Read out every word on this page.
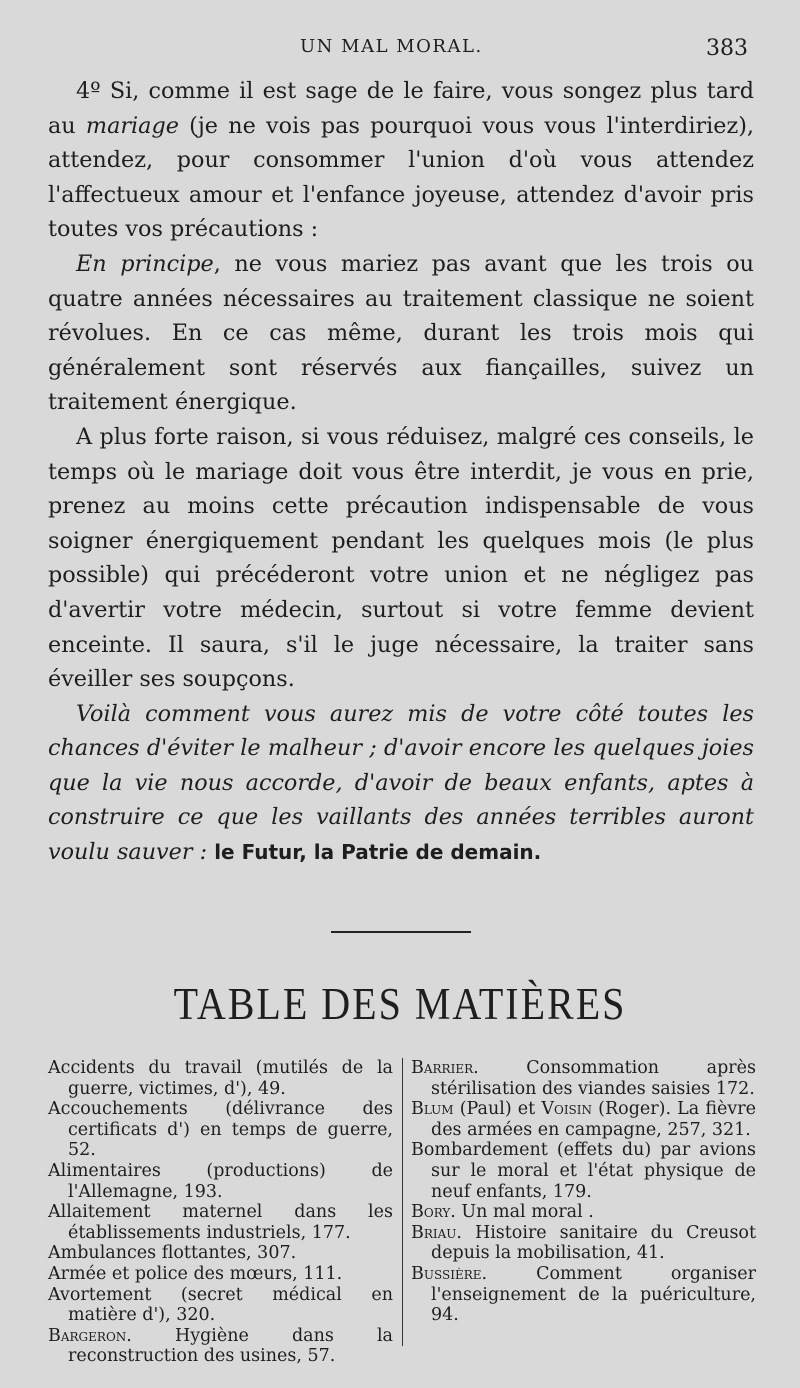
UN MAL MORAL.	383

4º Si, comme il est sage de le faire, vous songez plus tard au mariage (je ne vois pas pourquoi vous vous l'interdiriez), attendez, pour consommer l'union d'où vous attendez l'affectueux amour et l'enfance joyeuse, attendez d'avoir pris toutes vos précautions :

En principe, ne vous mariez pas avant que les trois ou quatre années nécessaires au traitement classique ne soient révolues. En ce cas même, durant les trois mois qui généralement sont réservés aux fiançailles, suivez un traitement énergique.

A plus forte raison, si vous réduisez, malgré ces conseils, le temps où le mariage doit vous être interdit, je vous en prie, prenez au moins cette précaution indispensable de vous soigner énergiquement pendant les quelques mois (le plus possible) qui précéderont votre union et ne négligez pas d'avertir votre médecin, surtout si votre femme devient enceinte. Il saura, s'il le juge nécessaire, la traiter sans éveiller ses soupçons.

Voilà comment vous aurez mis de votre côté toutes les chances d'éviter le malheur ; d'avoir encore les quelques joies que la vie nous accorde, d'avoir de beaux enfants, aptes à construire ce que les vaillants des années terribles auront voulu sauver : le Futur, la Patrie de demain.

TABLE DES MATIÈRES

Accidents du travail (mutilés de la guerre, victimes, d'), 49.

Accouchements (délivrance des certificats d') en temps de guerre, 52.

Alimentaires (productions) de l'Allemagne, 193.

Allaitement maternel dans les établissements industriels, 177.

Ambulances flottantes, 307.

Armée et police des mœurs, 111.

Avortement (secret médical en matière d'), 320.

Bargeron. Hygiène dans la reconstruction des usines, 57.

Barrier. Consommation après stérilisation des viandes saisies 172.

Blum (Paul) et Voisin (Roger). La fièvre des armées en campagne, 257, 321.

Bombardement (effets du) par avions sur le moral et l'état physique de neuf enfants, 179.

Bory. Un mal moral .

Briau. Histoire sanitaire du Creusot depuis la mobilisation, 41.

Bussière. Comment organiser l'enseignement de la puériculture, 94.
